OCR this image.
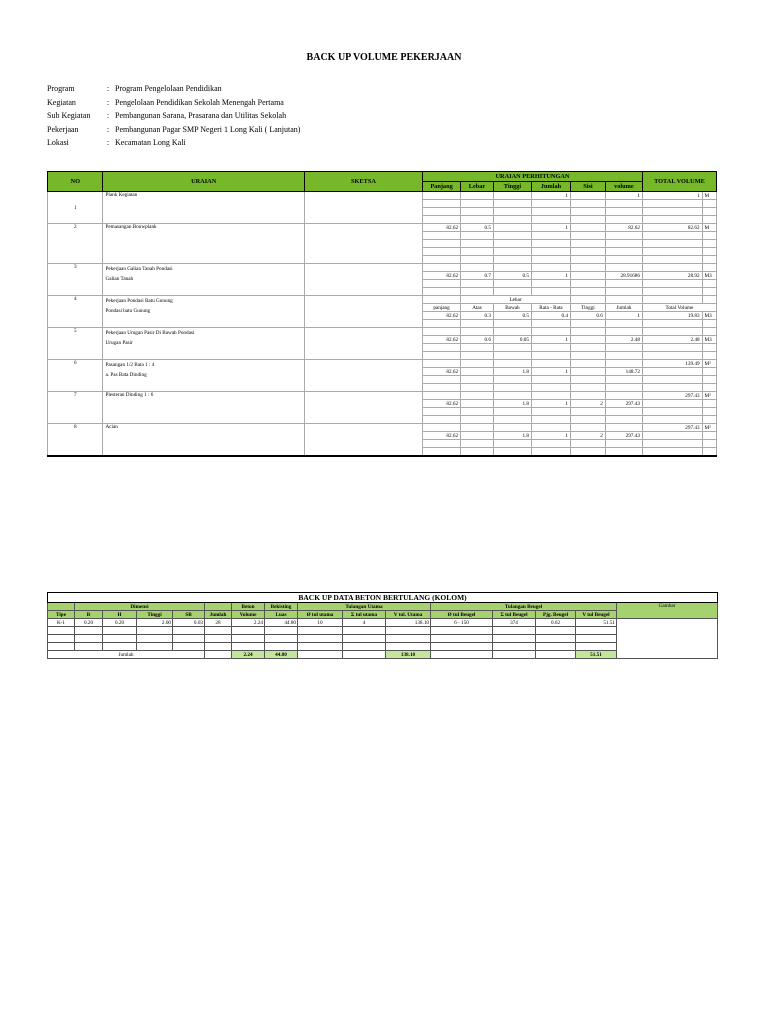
BACK UP VOLUME PEKERJAAN
Program	: Program Pengelolaan Pendidikan
Kegiatan	: Pengelolaan Pendidikan Sekolah Menengah Pertama
Sub Kegiatan	: Pembangunan Sarana, Prasarana dan Utilitas Sekolah
Pekerjaan	: Pembangunan Pagar SMP Negeri 1 Long Kali ( Lanjutan)
Lokasi	: Kecamatan Long Kali
NO	URAIAN	SKETSA	URAIAN PERHITUNGAN						TOTAL VOLUME	
			Panjang	Lebar	Tinggi	Jumlah	Sisi	volume		
1	Plank Kegiatan					1		1	1	M

2	Pemasangan Bouwplank		82.62	0.5		1		82.62	82.62	M

3	Pekerjaan Galian Tanah Pondasi
Galian Tanah									
			82.62	0.7	0.5	1		28.91686	28.92	M3

4	Pekerjaan Pondasi Batu Gunung
Pondasi batu Gunung			Lebar						
			panjang	Atas	Bawah	Rata - Rata	Tinggi	Jumlah	Total Volume	
			82.62	0.3	0.5	0.4	0.6	1	19.83	M3

5	Pekerjaan Urugan Pasir Di Bawah Pondasi
Urugan Pasir									
			82.62	0.6	0.05	1		2.48	2.48	M3

6	Pasangan 1/2 Bata 1 : 4
a. Pas Bata Dinding								139.49	M²
			82.62		1.8	1		148.72		

7	Plesteran Dinding 1 : 6								297.43	M²
			82.62		1.8	1	2	297.43		

8	Acian								297.43	M²
			82.62		1.8	1	2	297.43		

BACK UP DATA BETON BERTULANG (KOLOM)															
	Dimensi					Beton	Bekisting	Tulangan Utama			Tulangan Beugel				Gambar
Tipe	B	H	Tinggi	SB	Jumlah	Volume	Luas	Ø tul utama	Σ tul utama	V tul. Utama	Ø tul Beugel	Σ tul Beugel	Pjg. Beugel	V tul Beugel	
K-1	0.20	0.20	2.00	0.03	28	2.24	44.80	10	4	138.10	6 - 150	374	0.62	51.51	

Jumlah						2.24	44.80			138.10				51.51	
